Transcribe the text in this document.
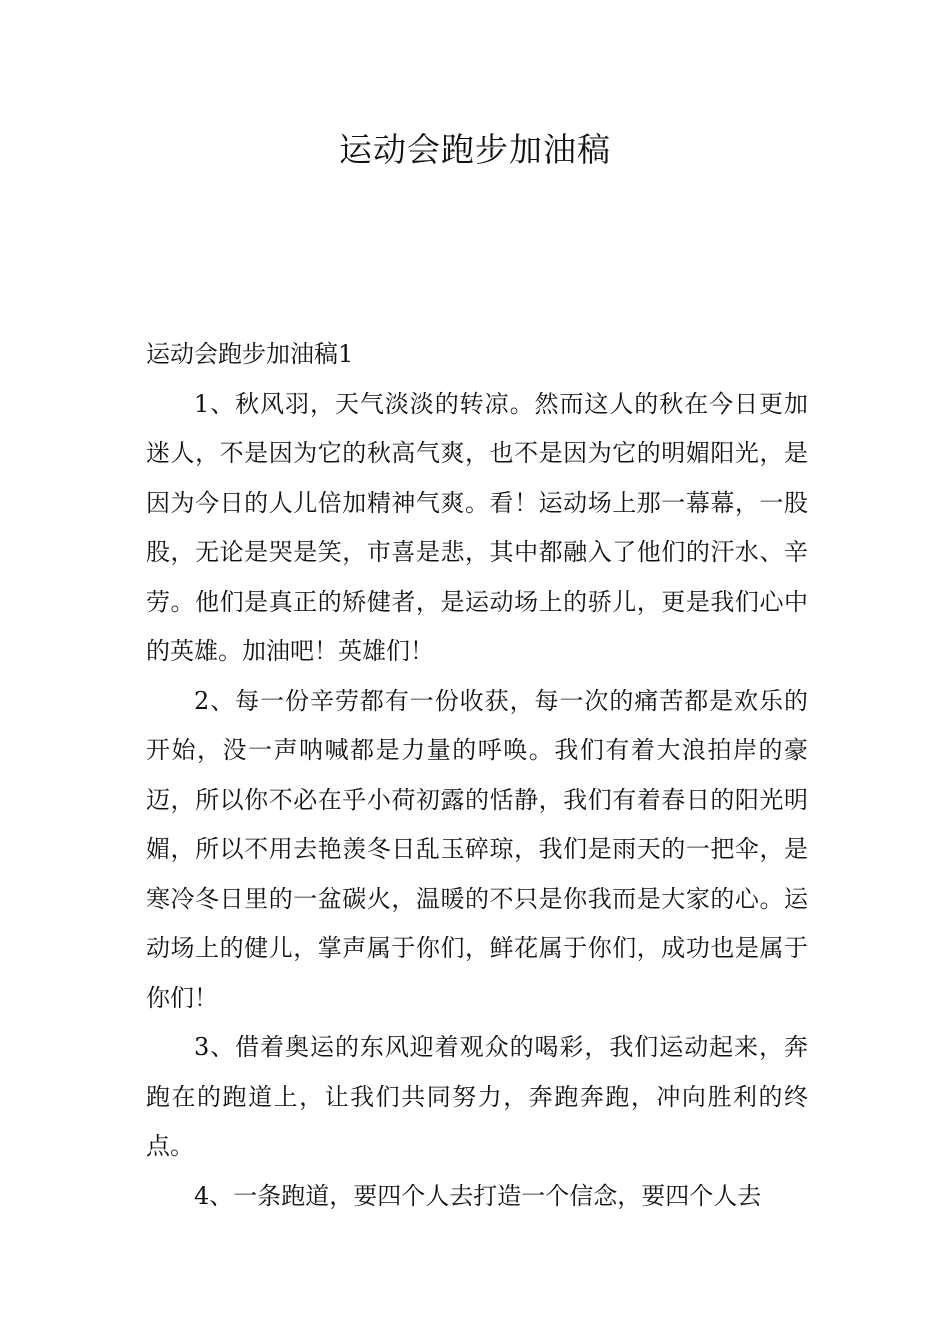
运动会跑步加油稿
运动会跑步加油稿1

1、秋风羽，天气淡淡的转凉。然而这人的秋在今日更加迷人，不是因为它的秋高气爽，也不是因为它的明媚阳光，是因为今日的人儿倍加精神气爽。看！运动场上那一幕幕，一股股，无论是哭是笑，市喜是悲，其中都融入了他们的汗水、辛劳。他们是真正的矫健者，是运动场上的骄儿，更是我们心中的英雄。加油吧！英雄们！

2、每一份辛劳都有一份收获，每一次的痛苦都是欢乐的开始，没一声呐喊都是力量的呼唤。我们有着大浪拍岸的豪迈，所以你不必在乎小荷初露的恬静，我们有着春日的阳光明媚，所以不用去艳羡冬日乱玉碎琼，我们是雨天的一把伞，是寒冷冬日里的一盆碳火，温暖的不只是你我而是大家的心。运动场上的健儿，掌声属于你们，鲜花属于你们，成功也是属于你们！

3、借着奥运的东风迎着观众的喝彩，我们运动起来，奔跑在的跑道上，让我们共同努力，奔跑奔跑，冲向胜利的终点。

4、一条跑道，要四个人去打造一个信念，要四个人去
